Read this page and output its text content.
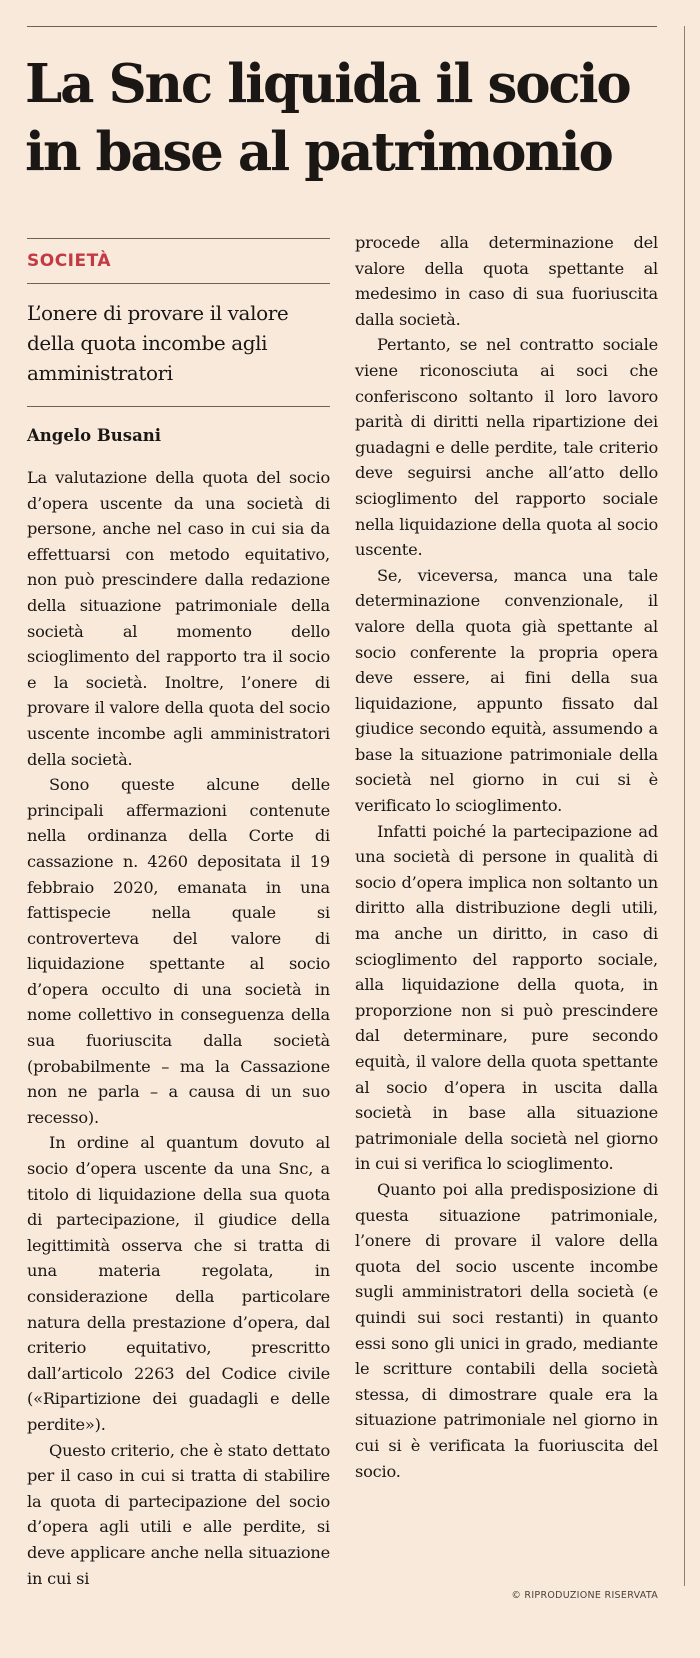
La Snc liquida il socio in base al patrimonio
SOCIETÀ
L’onere di provare il valore della quota incombe agli amministratori
Angelo Busani

La valutazione della quota del socio d’opera uscente da una società di persone, anche nel caso in cui sia da effettuarsi con metodo equitativo, non può prescindere dalla redazione della situazione patrimoniale della società al momento dello scioglimento del rapporto tra il socio e la società. Inoltre, l’onere di provare il valore della quota del socio uscente incombe agli amministratori della società.

Sono queste alcune delle principali affermazioni contenute nella ordinanza della Corte di cassazione n. 4260 depositata il 19 febbraio 2020, emanata in una fattispecie nella quale si controverteva del valore di liquidazione spettante al socio d’opera occulto di una società in nome collettivo in conseguenza della sua fuoriuscita dalla società (probabilmente – ma la Cassazione non ne parla – a causa di un suo recesso).

In ordine al quantum dovuto al socio d’opera uscente da una Snc, a titolo di liquidazione della sua quota di partecipazione, il giudice della legittimità osserva che si tratta di una materia regolata, in considerazione della particolare natura della prestazione d’opera, dal criterio equitativo, prescritto dall’articolo 2263 del Codice civile («Ripartizione dei guadagli e delle perdite»).

Questo criterio, che è stato dettato per il caso in cui si tratta di stabilire la quota di partecipazione del socio d’opera agli utili e alle perdite, si deve applicare anche nella situazione in cui si

procede alla determinazione del valore della quota spettante al medesimo in caso di sua fuoriuscita dalla società.

Pertanto, se nel contratto sociale viene riconosciuta ai soci che conferiscono soltanto il loro lavoro parità di diritti nella ripartizione dei guadagni e delle perdite, tale criterio deve seguirsi anche all’atto dello scioglimento del rapporto sociale nella liquidazione della quota al socio uscente.

Se, viceversa, manca una tale determinazione convenzionale, il valore della quota già spettante al socio conferente la propria opera deve essere, ai fini della sua liquidazione, appunto fissato dal giudice secondo equità, assumendo a base la situazione patrimoniale della società nel giorno in cui si è verificato lo scioglimento.

Infatti poiché la partecipazione ad una società di persone in qualità di socio d’opera implica non soltanto un diritto alla distribuzione degli utili, ma anche un diritto, in caso di scioglimento del rapporto sociale, alla liquidazione della quota, in proporzione non si può prescindere dal determinare, pure secondo equità, il valore della quota spettante al socio d’opera in uscita dalla società in base alla situazione patrimoniale della società nel giorno in cui si verifica lo scioglimento.

Quanto poi alla predisposizione di questa situazione patrimoniale, l’onere di provare il valore della quota del socio uscente incombe sugli amministratori della società (e quindi sui soci restanti) in quanto essi sono gli unici in grado, mediante le scritture contabili della società stessa, di dimostrare quale era la situazione patrimoniale nel giorno in cui si è verificata la fuoriuscita del socio.

© RIPRODUZIONE RISERVATA
